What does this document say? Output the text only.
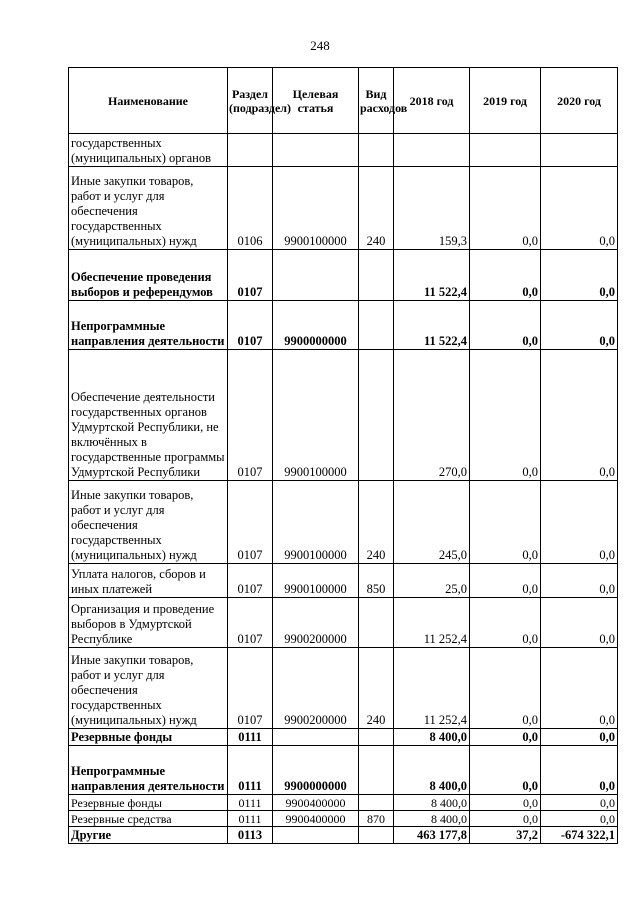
248
Наименование	Раздел (подраздел)	Целевая статья	Вид расходов	2018 год	2019 год	2020 год
государственных (муниципальных) органов						
Иные закупки товаров, работ и услуг для обеспечения государственных (муниципальных) нужд	0106	9900100000	240	159,3	0,0	0,0
Обеспечение проведения выборов и референдумов	0107			11 522,4	0,0	0,0
Непрограммные направления деятельности	0107	9900000000		11 522,4	0,0	0,0
Обеспечение деятельности государственных органов Удмуртской Республики, не включённых в государственные программы Удмуртской Республики	0107	9900100000		270,0	0,0	0,0
Иные закупки товаров, работ и услуг для обеспечения государственных (муниципальных) нужд	0107	9900100000	240	245,0	0,0	0,0
Уплата налогов, сборов и иных платежей	0107	9900100000	850	25,0	0,0	0,0
Организация и проведение выборов в Удмуртской Республике	0107	9900200000		11 252,4	0,0	0,0
Иные закупки товаров, работ и услуг для обеспечения государственных (муниципальных) нужд	0107	9900200000	240	11 252,4	0,0	0,0
Резервные фонды	0111			8 400,0	0,0	0,0
Непрограммные направления деятельности	0111	9900000000		8 400,0	0,0	0,0
Резервные фонды	0111	9900400000		8 400,0	0,0	0,0
Резервные средства	0111	9900400000	870	8 400,0	0,0	0,0
Другие	0113			463 177,8	37,2	-674 322,1
